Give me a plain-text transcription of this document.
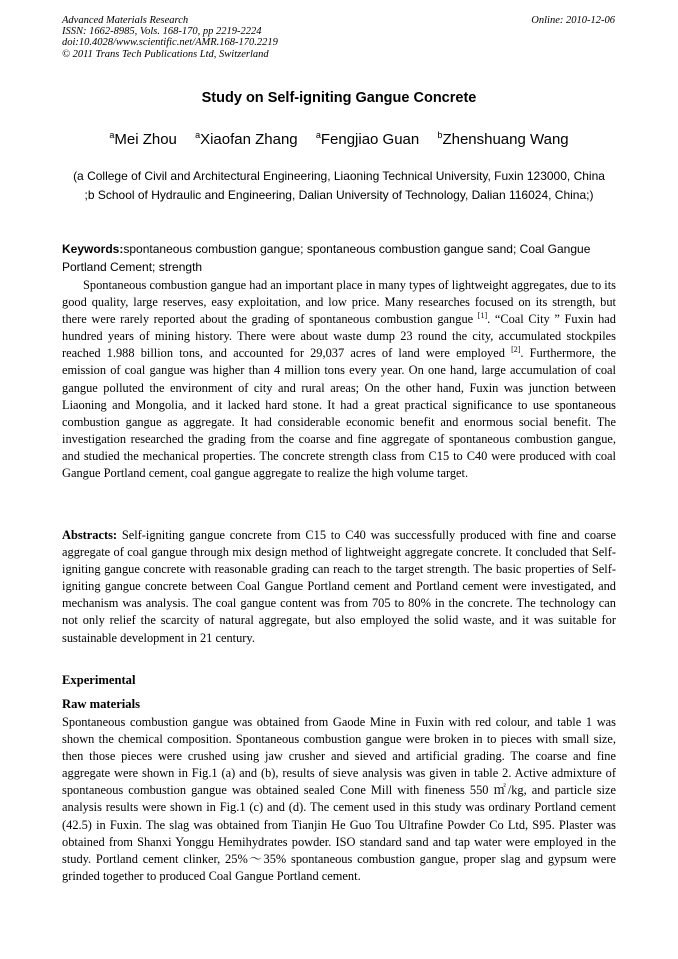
Advanced Materials Research
ISSN: 1662-8985, Vols. 168-170, pp 2219-2224
doi:10.4028/www.scientific.net/AMR.168-170.2219
© 2011 Trans Tech Publications Ltd, Switzerland
Online: 2010-12-06
Study on Self-igniting Gangue Concrete
$^a$Mei Zhou $^a$Xiaofan Zhang $^a$Fengjiao Guan $^b$Zhenshuang Wang
(a College of Civil and Architectural Engineering, Liaoning Technical University, Fuxin 123000, China ;b School of Hydraulic and Engineering, Dalian University of Technology, Dalian 116024, China;)
Keywords:spontaneous combustion gangue; spontaneous combustion gangue sand; Coal Gangue Portland Cement; strength
Spontaneous combustion gangue had an important place in many types of lightweight aggregates, due to its good quality, large reserves, easy exploitation, and low price. Many researches focused on its strength, but there were rarely reported about the grading of spontaneous combustion gangue [1]. “Coal City ” Fuxin had hundred years of mining history. There were about waste dump 23 round the city, accumulated stockpiles reached 1.988 billion tons, and accounted for 29,037 acres of land were employed [2]. Furthermore, the emission of coal gangue was higher than 4 million tons every year. On one hand, large accumulation of coal gangue polluted the environment of city and rural areas; On the other hand, Fuxin was junction between Liaoning and Mongolia, and it lacked hard stone. It had a great practical significance to use spontaneous combustion gangue as aggregate. It had considerable economic benefit and enormous social benefit. The investigation researched the grading from the coarse and fine aggregate of spontaneous combustion gangue, and studied the mechanical properties. The concrete strength class from C15 to C40 were produced with coal Gangue Portland cement, coal gangue aggregate to realize the high volume target.
Abstracts: Self-igniting gangue concrete from C15 to C40 was successfully produced with fine and coarse aggregate of coal gangue through mix design method of lightweight aggregate concrete. It concluded that Self-igniting gangue concrete with reasonable grading can reach to the target strength. The basic properties of Self-igniting gangue concrete between Coal Gangue Portland cement and Portland cement were investigated, and mechanism was analysis. The coal gangue content was from 705 to 80% in the concrete. The technology can not only relief the scarcity of natural aggregate, but also employed the solid waste, and it was suitable for sustainable development in 21 century.
Experimental
Raw materials
Spontaneous combustion gangue was obtained from Gaode Mine in Fuxin with red colour, and table 1 was shown the chemical composition. Spontaneous combustion gangue were broken in to pieces with small size, then those pieces were crushed using jaw crusher and sieved and artificial grading. The coarse and fine aggregate were shown in Fig.1 (a) and (b), results of sieve analysis was given in table 2. Active admixture of spontaneous combustion gangue was obtained sealed Cone Mill with fineness 550 ㎡/kg, and particle size analysis results were shown in Fig.1 (c) and (d). The cement used in this study was ordinary Portland cement (42.5) in Fuxin. The slag was obtained from Tianjin He Guo Tou Ultrafine Powder Co Ltd, S95. Plaster was obtained from Shanxi Yonggu Hemihydrates powder. ISO standard sand and tap water were employed in the study. Portland cement clinker, 25%～35% spontaneous combustion gangue, proper slag and gypsum were grinded together to produced Coal Gangue Portland cement.
